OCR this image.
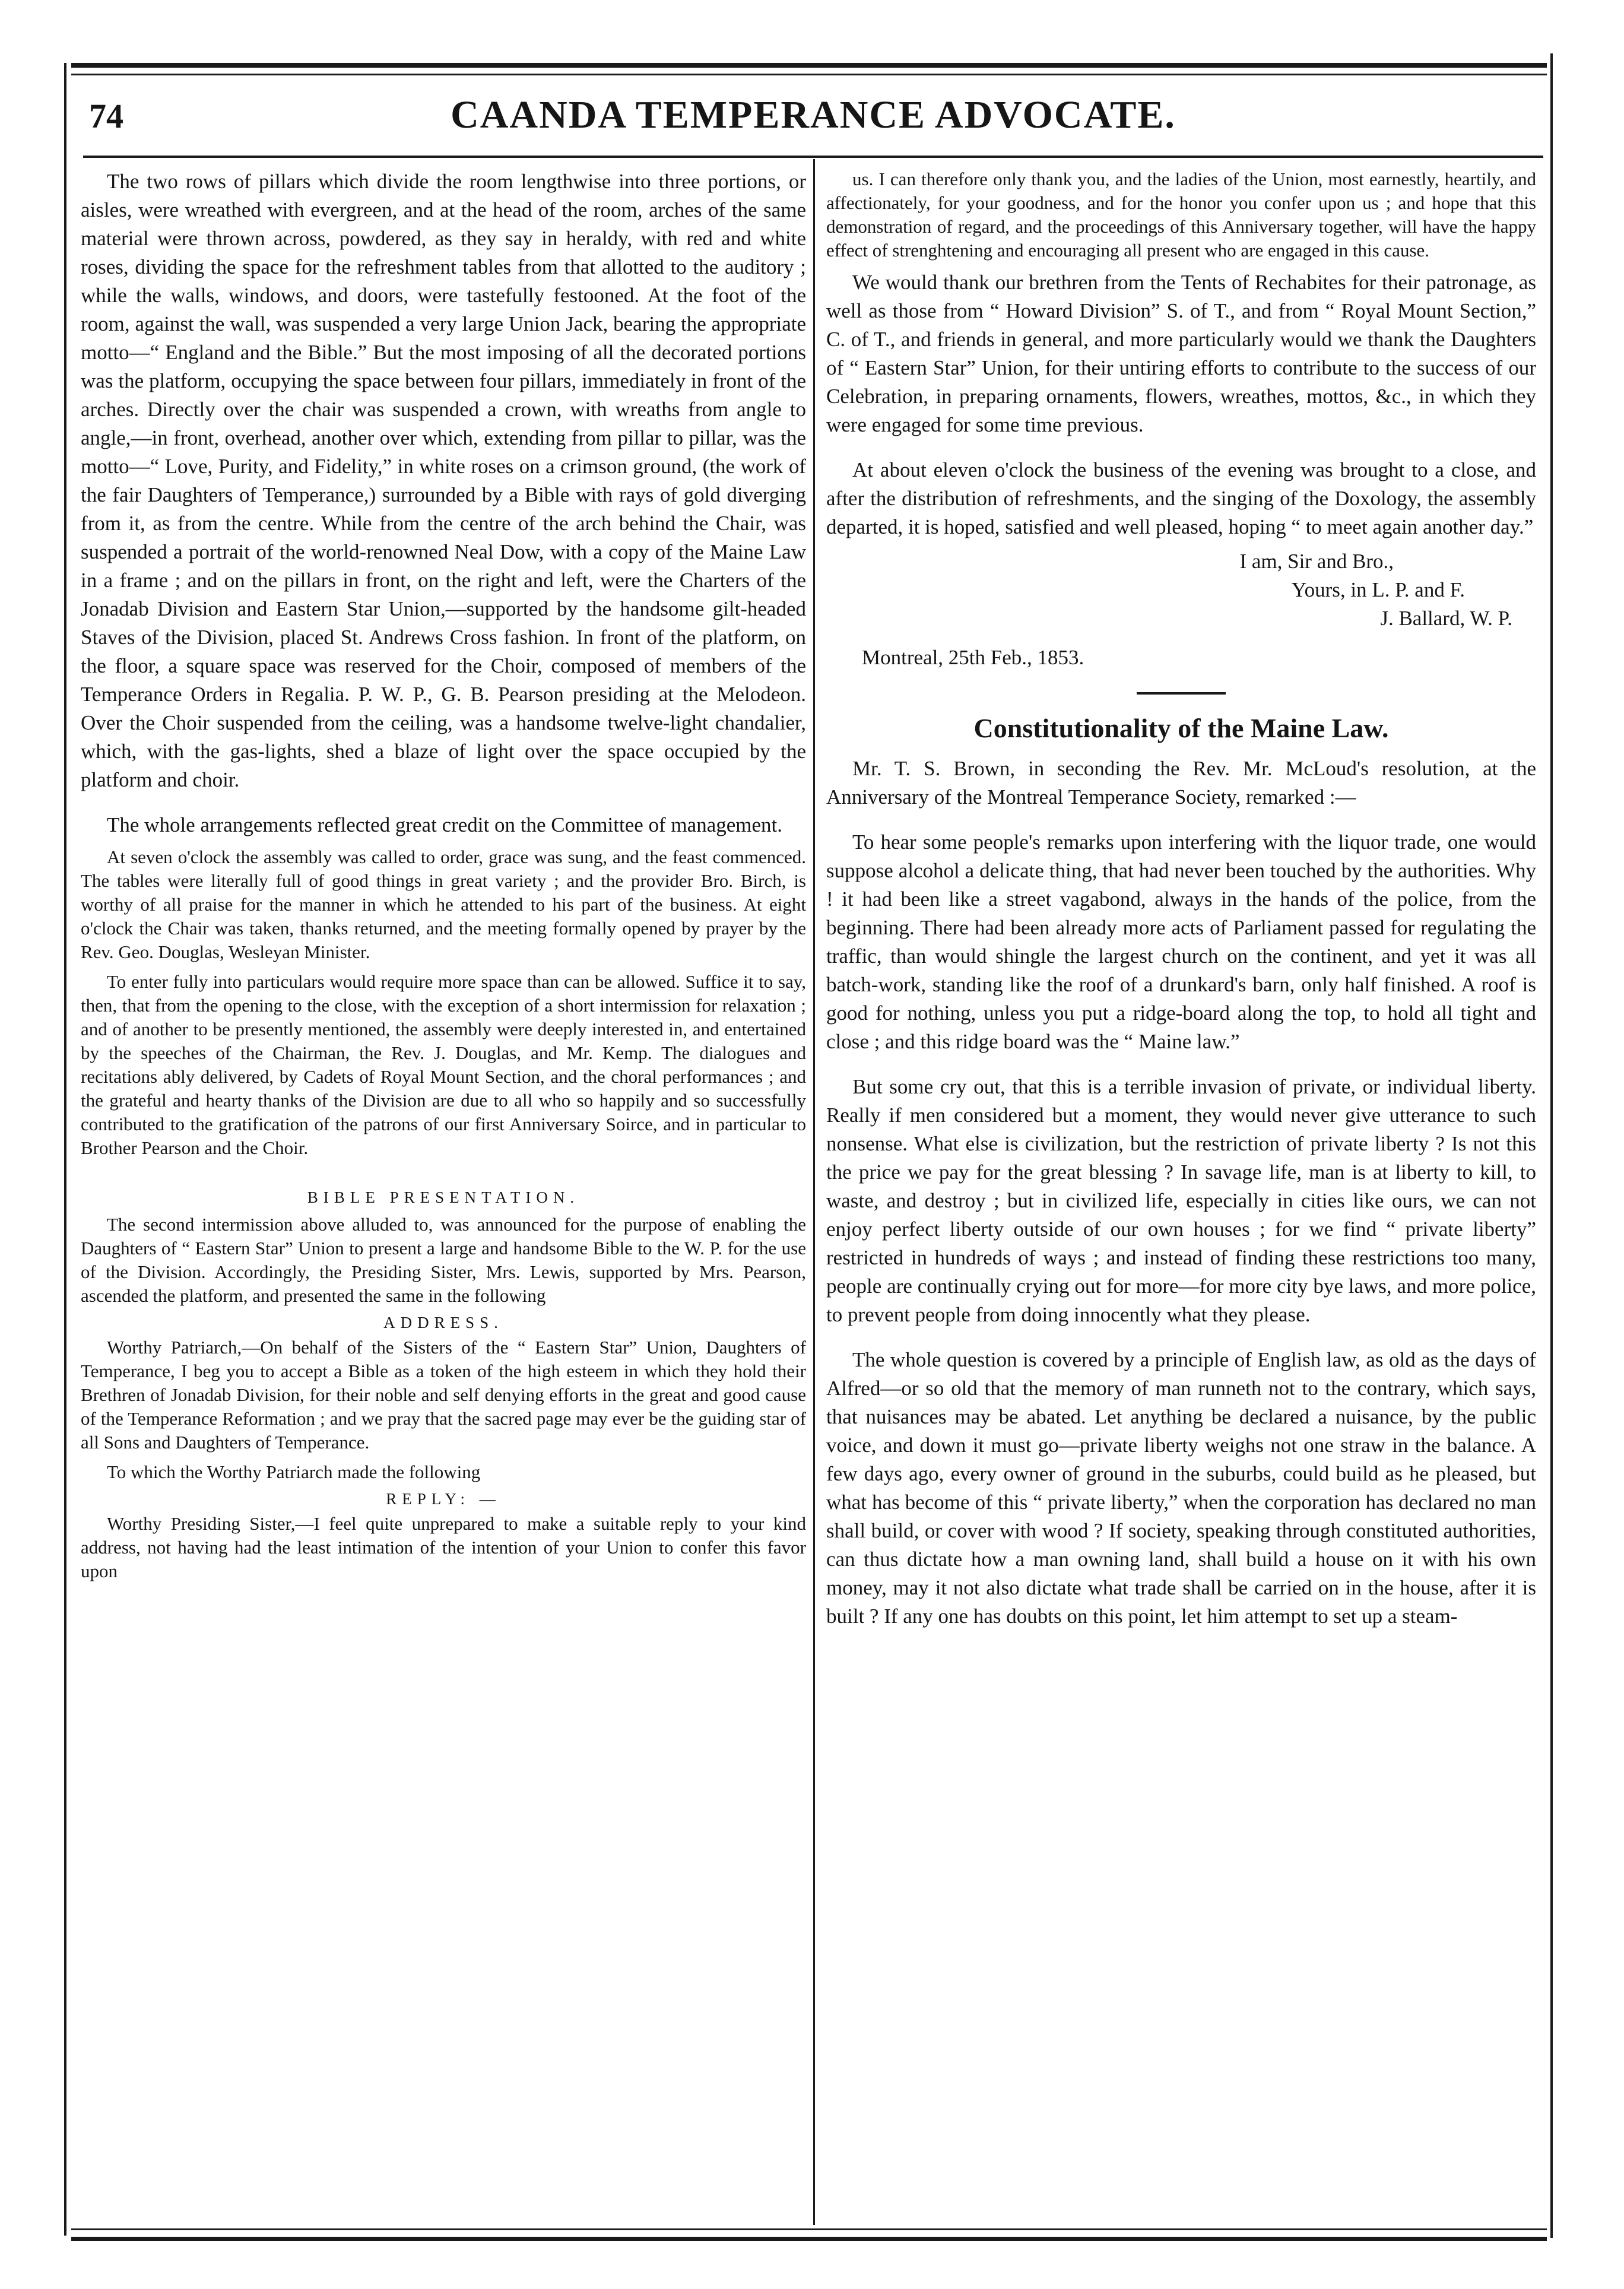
74	CAANDA TEMPERANCE ADVOCATE.

The two rows of pillars which divide the room lengthwise into three portions, or aisles, were wreathed with evergreen, and at the head of the room, arches of the same material were thrown across, powdered, as they say in heraldy, with red and white roses, dividing the space for the refreshment tables from that allotted to the auditory ; while the walls, windows, and doors, were tastefully festooned. At the foot of the room, against the wall, was suspended a very large Union Jack, bearing the appropriate motto—“ England and the Bible.” But the most imposing of all the decorated portions was the platform, occupying the space between four pillars, immediately in front of the arches. Directly over the chair was suspended a crown, with wreaths from angle to angle,—in front, overhead, another over which, extending from pillar to pillar, was the motto—“ Love, Purity, and Fidelity,” in white roses on a crimson ground, (the work of the fair Daughters of Temperance,) surrounded by a Bible with rays of gold diverging from it, as from the centre. While from the centre of the arch behind the Chair, was suspended a portrait of the world-renowned Neal Dow, with a copy of the Maine Law in a frame ; and on the pillars in front, on the right and left, were the Charters of the Jonadab Division and Eastern Star Union,—supported by the handsome gilt-headed Staves of the Division, placed St. Andrews Cross fashion. In front of the platform, on the floor, a square space was reserved for the Choir, composed of members of the Temperance Orders in Regalia. P. W. P., G. B. Pearson presiding at the Melodeon. Over the Choir suspended from the ceiling, was a handsome twelve-light chandalier, which, with the gas-lights, shed a blaze of light over the space occupied by the platform and choir.

The whole arrangements reflected great credit on the Committee of management.

At seven o'clock the assembly was called to order, grace was sung, and the feast commenced. The tables were literally full of good things in great variety ; and the provider Bro. Birch, is worthy of all praise for the manner in which he attended to his part of the business. At eight o'clock the Chair was taken, thanks returned, and the meeting formally opened by prayer by the Rev. Geo. Douglas, Wesleyan Minister.

To enter fully into particulars would require more space than can be allowed. Suffice it to say, then, that from the opening to the close, with the exception of a short intermission for relaxation ; and of another to be presently mentioned, the assembly were deeply interested in, and entertained by the speeches of the Chairman, the Rev. J. Douglas, and Mr. Kemp. The dialogues and recitations ably delivered, by Cadets of Royal Mount Section, and the choral performances ; and the grateful and hearty thanks of the Division are due to all who so happily and so successfully contributed to the gratification of the patrons of our first Anniversary Soirce, and in particular to Brother Pearson and the Choir.

BIBLE PRESENTATION.

The second intermission above alluded to, was announced for the purpose of enabling the Daughters of “ Eastern Star” Union to present a large and handsome Bible to the W. P. for the use of the Division. Accordingly, the Presiding Sister, Mrs. Lewis, supported by Mrs. Pearson, ascended the platform, and presented the same in the following

ADDRESS.

Worthy Patriarch,—On behalf of the Sisters of the “ Eastern Star” Union, Daughters of Temperance, I beg you to accept a Bible as a token of the high esteem in which they hold their Brethren of Jonadab Division, for their noble and self denying efforts in the great and good cause of the Temperance Reformation ; and we pray that the sacred page may ever be the guiding star of all Sons and Daughters of Temperance.

To which the Worthy Patriarch made the following

REPLY: —

Worthy Presiding Sister,—I feel quite unprepared to make a suitable reply to your kind address, not having had the least intimation of the intention of your Union to confer this favor upon

us. I can therefore only thank you, and the ladies of the Union, most earnestly, heartily, and affectionately, for your goodness, and for the honor you confer upon us ; and hope that this demonstration of regard, and the proceedings of this Anniversary together, will have the happy effect of strenghtening and encouraging all present who are engaged in this cause.

We would thank our brethren from the Tents of Rechabites for their patronage, as well as those from “ Howard Division” S. of T., and from “ Royal Mount Section,” C. of T., and friends in general, and more particularly would we thank the Daughters of “ Eastern Star” Union, for their untiring efforts to contribute to the success of our Celebration, in preparing ornaments, flowers, wreathes, mottos, &c., in which they were engaged for some time previous.

At about eleven o'clock the business of the evening was brought to a close, and after the distribution of refreshments, and the singing of the Doxology, the assembly departed, it is hoped, satisfied and well pleased, hoping “ to meet again another day.”

I am, Sir and Bro.,
Yours, in L. P. and F.
J. Ballard, W. P.
Montreal, 25th Feb., 1853.
Constitutionality of the Maine Law.

Mr. T. S. Brown, in seconding the Rev. Mr. McLoud's resolution, at the Anniversary of the Montreal Temperance Society, remarked :—

To hear some people's remarks upon interfering with the liquor trade, one would suppose alcohol a delicate thing, that had never been touched by the authorities. Why ! it had been like a street vagabond, always in the hands of the police, from the beginning. There had been already more acts of Parliament passed for regulating the traffic, than would shingle the largest church on the continent, and yet it was all batch-work, standing like the roof of a drunkard's barn, only half finished. A roof is good for nothing, unless you put a ridge-board along the top, to hold all tight and close ; and this ridge board was the “ Maine law.”

But some cry out, that this is a terrible invasion of private, or individual liberty. Really if men considered but a moment, they would never give utterance to such nonsense. What else is civilization, but the restriction of private liberty ? Is not this the price we pay for the great blessing ? In savage life, man is at liberty to kill, to waste, and destroy ; but in civilized life, especially in cities like ours, we can not enjoy perfect liberty outside of our own houses ; for we find “ private liberty” restricted in hundreds of ways ; and instead of finding these restrictions too many, people are continually crying out for more—for more city bye laws, and more police, to prevent people from doing innocently what they please.

The whole question is covered by a principle of English law, as old as the days of Alfred—or so old that the memory of man runneth not to the contrary, which says, that nuisances may be abated. Let anything be declared a nuisance, by the public voice, and down it must go—private liberty weighs not one straw in the balance. A few days ago, every owner of ground in the suburbs, could build as he pleased, but what has become of this “ private liberty,” when the corporation has declared no man shall build, or cover with wood ? If society, speaking through constituted authorities, can thus dictate how a man owning land, shall build a house on it with his own money, may it not also dictate what trade shall be carried on in the house, after it is built ? If any one has doubts on this point, let him attempt to set up a steam-
